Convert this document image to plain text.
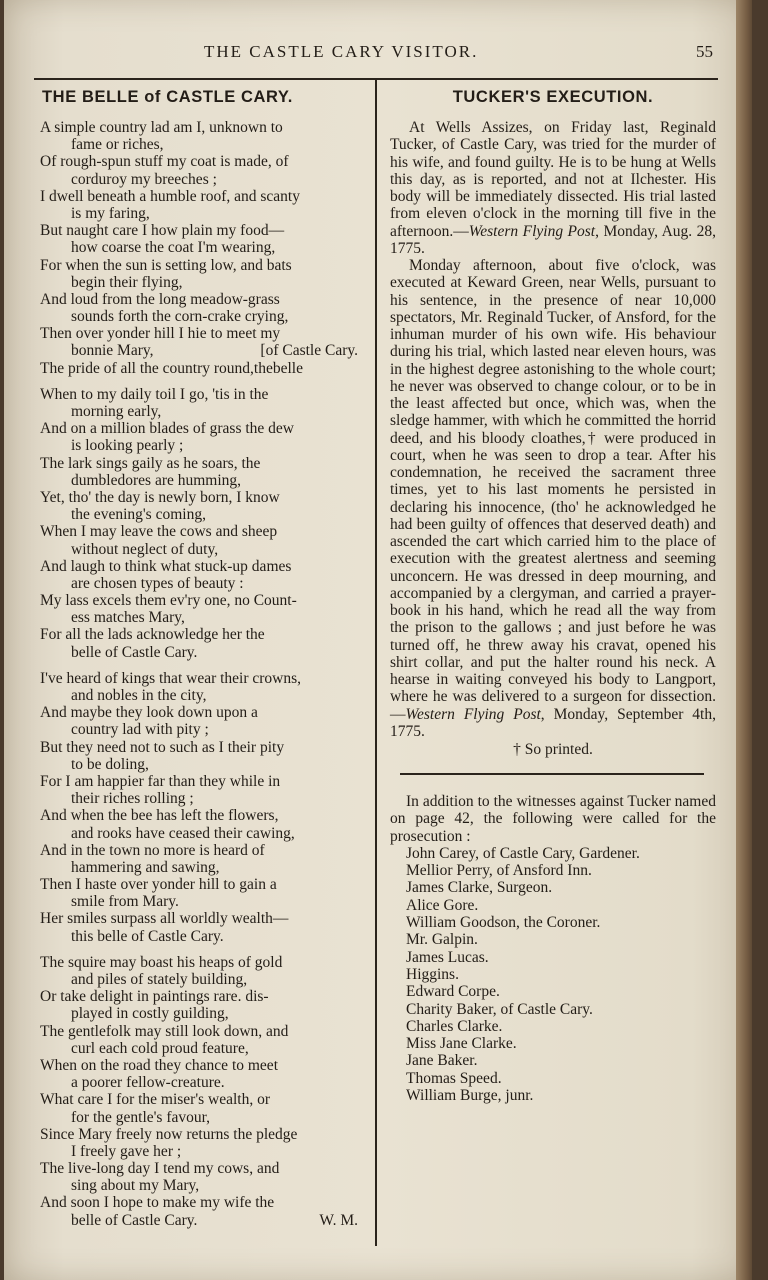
THE CASTLE CARY VISITOR.	55
THE BELLE of CASTLE CARY.
A simple country lad am I, unknown to
fame or riches,
Of rough-spun stuff my coat is made, of
corduroy my breeches ;
I dwell beneath a humble roof, and scanty
is my faring,
But naught care I how plain my food—
how coarse the coat I'm wearing,
For when the sun is setting low, and bats
begin their flying,
And loud from the long meadow-grass
sounds forth the corn-crake crying,
Then over yonder hill I hie to meet my
bonnie Mary,	[of Castle Cary.
The pride of all the country round,thebelle
When to my daily toil I go, 'tis in the
morning early,
And on a million blades of grass the dew
is looking pearly ;
The lark sings gaily as he soars, the
dumbledores are humming,
Yet, tho' the day is newly born, I know
the evening's coming,
When I may leave the cows and sheep
without neglect of duty,
And laugh to think what stuck-up dames
are chosen types of beauty :
My lass excels them ev'ry one, no Count-
ess matches Mary,
For all the lads acknowledge her the
belle of Castle Cary.
I've heard of kings that wear their crowns,
and nobles in the city,
And maybe they look down upon a
country lad with pity ;
But they need not to such as I their pity
to be doling,
For I am happier far than they while in
their riches rolling ;
And when the bee has left the flowers,
and rooks have ceased their cawing,
And in the town no more is heard of
hammering and sawing,
Then I haste over yonder hill to gain a
smile from Mary.
Her smiles surpass all worldly wealth—
this belle of Castle Cary.
The squire may boast his heaps of gold
and piles of stately building,
Or take delight in paintings rare. dis-
played in costly guilding,
The gentlefolk may still look down, and
curl each cold proud feature,
When on the road they chance to meet
a poorer fellow-creature.
What care I for the miser's wealth, or
for the gentle's favour,
Since Mary freely now returns the pledge
I freely gave her ;
The live-long day I tend my cows, and
sing about my Mary,
And soon I hope to make my wife the
belle of Castle Cary.	W. M.
TUCKER'S EXECUTION.

At Wells Assizes, on Friday last, Reginald Tucker, of Castle Cary, was tried for the murder of his wife, and found guilty. He is to be hung at Wells this day, as is reported, and not at Ilchester. His body will be immediately dissected. His trial lasted from eleven o'clock in the morning till five in the afternoon.—Western Flying Post, Monday, Aug. 28, 1775.

Monday afternoon, about five o'clock, was executed at Keward Green, near Wells, pursuant to his sentence, in the presence of near 10,000 spectators, Mr. Reginald Tucker, of Ansford, for the inhuman murder of his own wife. His behaviour during his trial, which lasted near eleven hours, was in the highest degree astonishing to the whole court; he never was observed to change colour, or to be in the least affected but once, which was, when the sledge hammer, with which he committed the horrid deed, and his bloody cloathes,† were produced in court, when he was seen to drop a tear. After his condemnation, he received the sacrament three times, yet to his last moments he persisted in declaring his innocence, (tho' he acknowledged he had been guilty of offences that deserved death) and ascended the cart which carried him to the place of execution with the greatest alertness and seeming unconcern. He was dressed in deep mourning, and accompanied by a clergyman, and carried a prayer-book in his hand, which he read all the way from the prison to the gallows ; and just before he was turned off, he threw away his cravat, opened his shirt collar, and put the halter round his neck. A hearse in waiting conveyed his body to Langport, where he was delivered to a surgeon for dissection.—Western Flying Post, Monday, September 4th, 1775.

† So printed.
In addition to the witnesses against Tucker named on page 42, the following were called for the prosecution :
John Carey, of Castle Cary, Gardener.
Mellior Perry, of Ansford Inn.
James Clarke, Surgeon.
Alice Gore.
William Goodson, the Coroner.
Mr. Galpin.
James Lucas.
Higgins.
Edward Corpe.
Charity Baker, of Castle Cary.
Charles Clarke.
Miss Jane Clarke.
Jane Baker.
Thomas Speed.
William Burge, junr.
